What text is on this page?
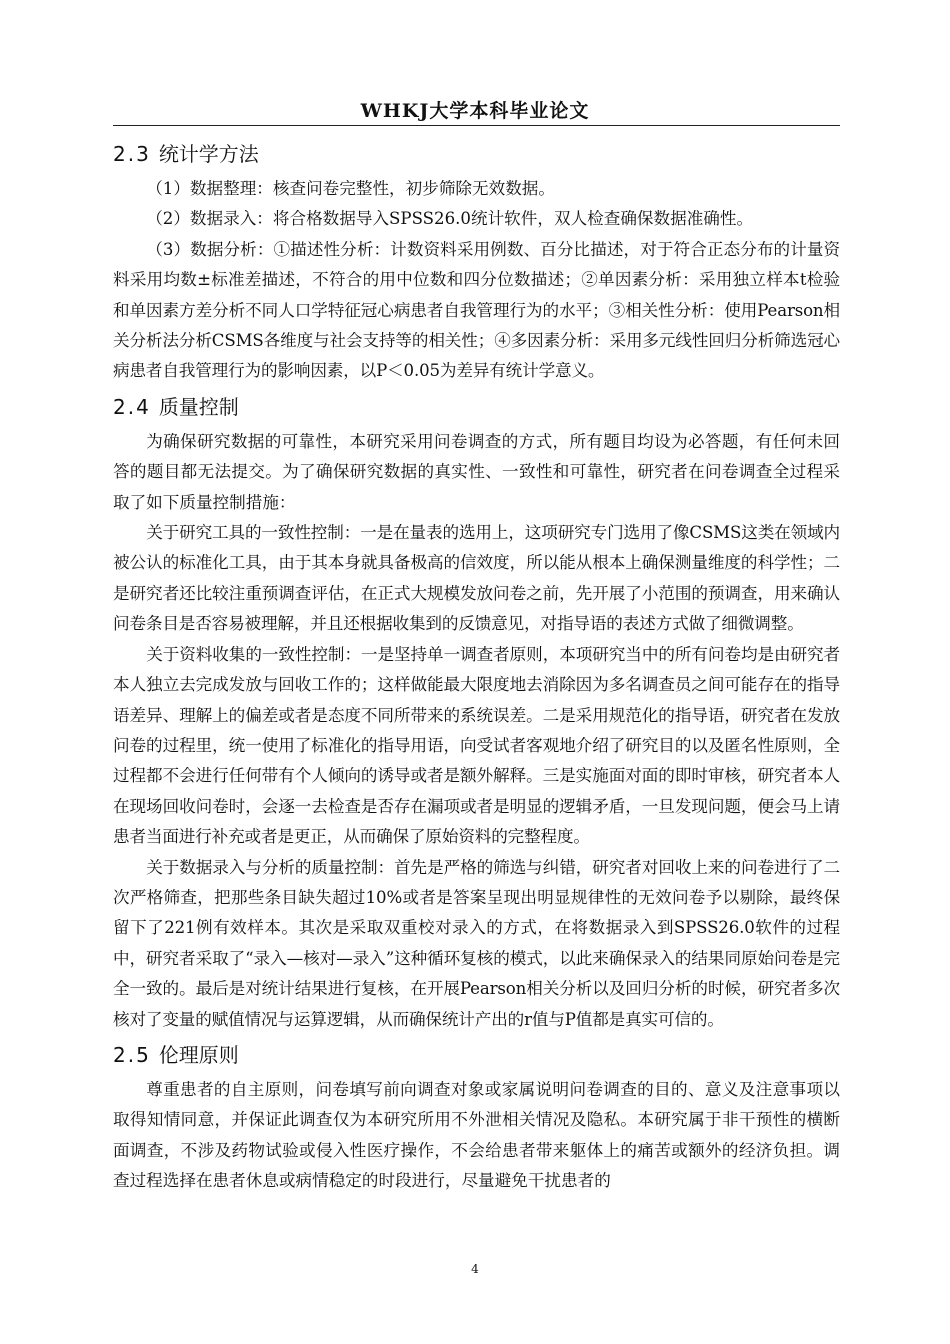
WHKJ大学本科毕业论文
2.3 统计学方法

（1）数据整理：核查问卷完整性，初步筛除无效数据。

（2）数据录入：将合格数据导入SPSS26.0统计软件，双人检查确保数据准确性。

（3）数据分析：①描述性分析：计数资料采用例数、百分比描述，对于符合正态分布的计量资料采用均数±标准差描述，不符合的用中位数和四分位数描述；②单因素分析：采用独立样本t检验和单因素方差分析不同人口学特征冠心病患者自我管理行为的水平；③相关性分析：使用Pearson相关分析法分析CSMS各维度与社会支持等的相关性；④多因素分析：采用多元线性回归分析筛选冠心病患者自我管理行为的影响因素，以P＜0.05为差异有统计学意义。

2.4 质量控制

为确保研究数据的可靠性，本研究采用问卷调查的方式，所有题目均设为必答题，有任何未回答的题目都无法提交。为了确保研究数据的真实性、一致性和可靠性，研究者在问卷调查全过程采取了如下质量控制措施：

关于研究工具的一致性控制：一是在量表的选用上，这项研究专门选用了像CSMS这类在领域内被公认的标准化工具，由于其本身就具备极高的信效度，所以能从根本上确保测量维度的科学性；二是研究者还比较注重预调查评估，在正式大规模发放问卷之前，先开展了小范围的预调查，用来确认问卷条目是否容易被理解，并且还根据收集到的反馈意见，对指导语的表述方式做了细微调整。

关于资料收集的一致性控制：一是坚持单一调查者原则，本项研究当中的所有问卷均是由研究者本人独立去完成发放与回收工作的；这样做能最大限度地去消除因为多名调查员之间可能存在的指导语差异、理解上的偏差或者是态度不同所带来的系统误差。二是采用规范化的指导语，研究者在发放问卷的过程里，统一使用了标准化的指导用语，向受试者客观地介绍了研究目的以及匿名性原则，全过程都不会进行任何带有个人倾向的诱导或者是额外解释。三是实施面对面的即时审核，研究者本人在现场回收问卷时，会逐一去检查是否存在漏项或者是明显的逻辑矛盾，一旦发现问题，便会马上请患者当面进行补充或者是更正，从而确保了原始资料的完整程度。

关于数据录入与分析的质量控制：首先是严格的筛选与纠错，研究者对回收上来的问卷进行了二次严格筛查，把那些条目缺失超过10%或者是答案呈现出明显规律性的无效问卷予以剔除，最终保留下了221例有效样本。其次是采取双重校对录入的方式，在将数据录入到SPSS26.0软件的过程中，研究者采取了“录入—核对—录入”这种循环复核的模式，以此来确保录入的结果同原始问卷是完全一致的。最后是对统计结果进行复核，在开展Pearson相关分析以及回归分析的时候，研究者多次核对了变量的赋值情况与运算逻辑，从而确保统计产出的r值与P值都是真实可信的。

2.5 伦理原则

尊重患者的自主原则，问卷填写前向调查对象或家属说明问卷调查的目的、意义及注意事项以取得知情同意，并保证此调查仅为本研究所用不外泄相关情况及隐私。本研究属于非干预性的横断面调查，不涉及药物试验或侵入性医疗操作，不会给患者带来躯体上的痛苦或额外的经济负担。调查过程选择在患者休息或病情稳定的时段进行，尽量避免干扰患者的

4
